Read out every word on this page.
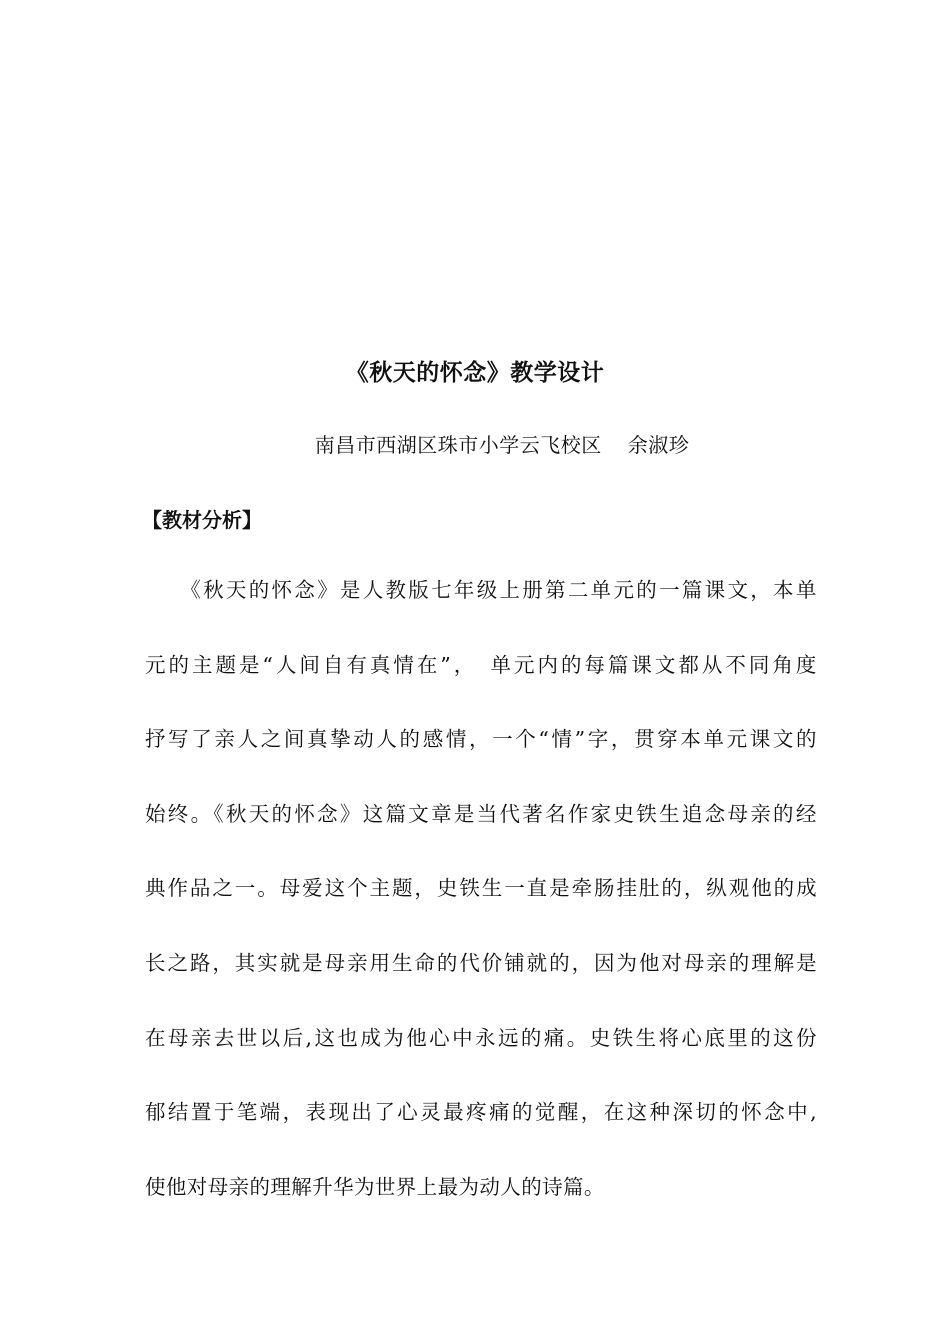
《秋天的怀念》教学设计
南昌市西湖区珠市小学云飞校区 余淑珍
【教材分析】
　　《秋天的怀念》是人教版七年级上册第二单元的一篇课文，本单
元的主题是“人间自有真情在”，　单元内的每篇课文都从不同角度
抒写了亲人之间真挚动人的感情，一个“情”字，贯穿本单元课文的
始终。《秋天的怀念》这篇文章是当代著名作家史铁生追念母亲的经
典作品之一。母爱这个主题，史铁生一直是牵肠挂肚的，纵观他的成
长之路，其实就是母亲用生命的代价铺就的，因为他对母亲的理解是
在母亲去世以后,这也成为他心中永远的痛。史铁生将心底里的这份
郁结置于笔端，表现出了心灵最疼痛的觉醒，在这种深切的怀念中,
使他对母亲的理解升华为世界上最为动人的诗篇。
